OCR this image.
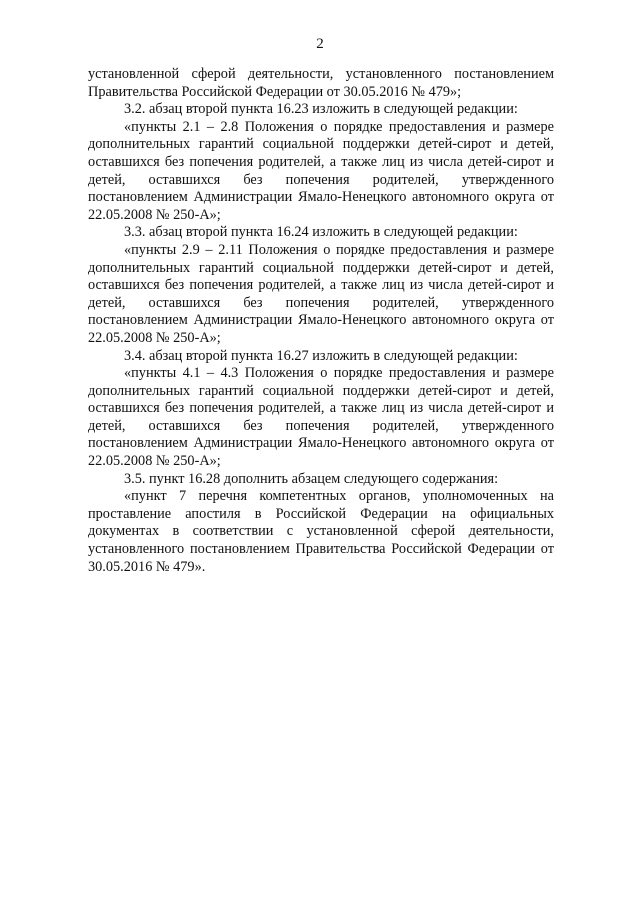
2

установленной сферой деятельности, установленного постановлением Правительства Российской Федерации от 30.05.2016 № 479»;

3.2. абзац второй пункта 16.23 изложить в следующей редакции:

«пункты 2.1 – 2.8 Положения о порядке предоставления и размере дополнительных гарантий социальной поддержки детей-сирот и детей, оставшихся без попечения родителей, а также лиц из числа детей-сирот и детей, оставшихся без попечения родителей, утвержденного постановлением Администрации Ямало-Ненецкого автономного округа от 22.05.2008 № 250-А»;

3.3. абзац второй пункта 16.24 изложить в следующей редакции:

«пункты 2.9 – 2.11 Положения о порядке предоставления и размере дополнительных гарантий социальной поддержки детей-сирот и детей, оставшихся без попечения родителей, а также лиц из числа детей-сирот и детей, оставшихся без попечения родителей, утвержденного постановлением Администрации Ямало-Ненецкого автономного округа от 22.05.2008 № 250-А»;

3.4. абзац второй пункта 16.27 изложить в следующей редакции:

«пункты 4.1 – 4.3 Положения о порядке предоставления и размере дополнительных гарантий социальной поддержки детей-сирот и детей, оставшихся без попечения родителей, а также лиц из числа детей-сирот и детей, оставшихся без попечения родителей, утвержденного постановлением Администрации Ямало-Ненецкого автономного округа от 22.05.2008 № 250-А»;

3.5. пункт 16.28 дополнить абзацем следующего содержания:

«пункт 7 перечня компетентных органов, уполномоченных на проставление апостиля в Российской Федерации на официальных документах в соответствии с установленной сферой деятельности, установленного постановлением Правительства Российской Федерации от 30.05.2016 № 479».
